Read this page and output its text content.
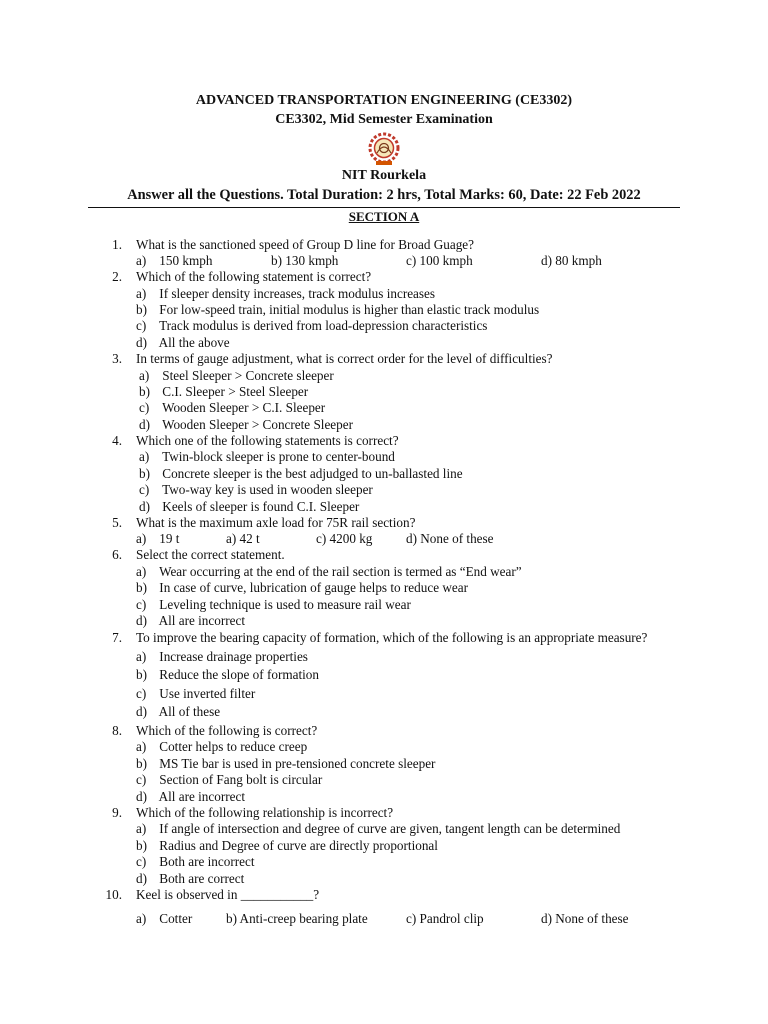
ADVANCED TRANSPORTATION ENGINEERING (CE3302)
CE3302, Mid Semester Examination
NIT Rourkela
Answer all the Questions. Total Duration: 2 hrs, Total Marks: 60, Date: 22 Feb 2022
SECTION A
1. What is the sanctioned speed of Group D line for Broad Guage?
a) 150 kmph	b) 130 kmph	c) 100 kmph	d) 80 kmph
2. Which of the following statement is correct?
a) If sleeper density increases, track modulus increases
b) For low-speed train, initial modulus is higher than elastic track modulus
c) Track modulus is derived from load-depression characteristics
d) All the above
3. In terms of gauge adjustment, what is correct order for the level of difficulties?
a) Steel Sleeper > Concrete sleeper
b) C.I. Sleeper > Steel Sleeper
c) Wooden Sleeper > C.I. Sleeper
d) Wooden Sleeper > Concrete Sleeper
4. Which one of the following statements is correct?
a) Twin-block sleeper is prone to center-bound
b) Concrete sleeper is the best adjudged to un-ballasted line
c) Two-way key is used in wooden sleeper
d) Keels of sleeper is found C.I. Sleeper
5. What is the maximum axle load for 75R rail section?
a) 19 t	a) 42 t	c) 4200 kg	d) None of these
6. Select the correct statement.
a) Wear occurring at the end of the rail section is termed as “End wear”
b) In case of curve, lubrication of gauge helps to reduce wear
c) Leveling technique is used to measure rail wear
d) All are incorrect
7. To improve the bearing capacity of formation, which of the following is an appropriate measure?
a) Increase drainage properties
b) Reduce the slope of formation
c) Use inverted filter
d) All of these
8. Which of the following is correct?
a) Cotter helps to reduce creep
b) MS Tie bar is used in pre-tensioned concrete sleeper
c) Section of Fang bolt is circular
d) All are incorrect
9. Which of the following relationship is incorrect?
a) If angle of intersection and degree of curve are given, tangent length can be determined
b) Radius and Degree of curve are directly proportional
c) Both are incorrect
d) Both are correct
10. Keel is observed in ___________?
a) Cotter	b) Anti-creep bearing plate	c) Pandrol clip	d) None of these
